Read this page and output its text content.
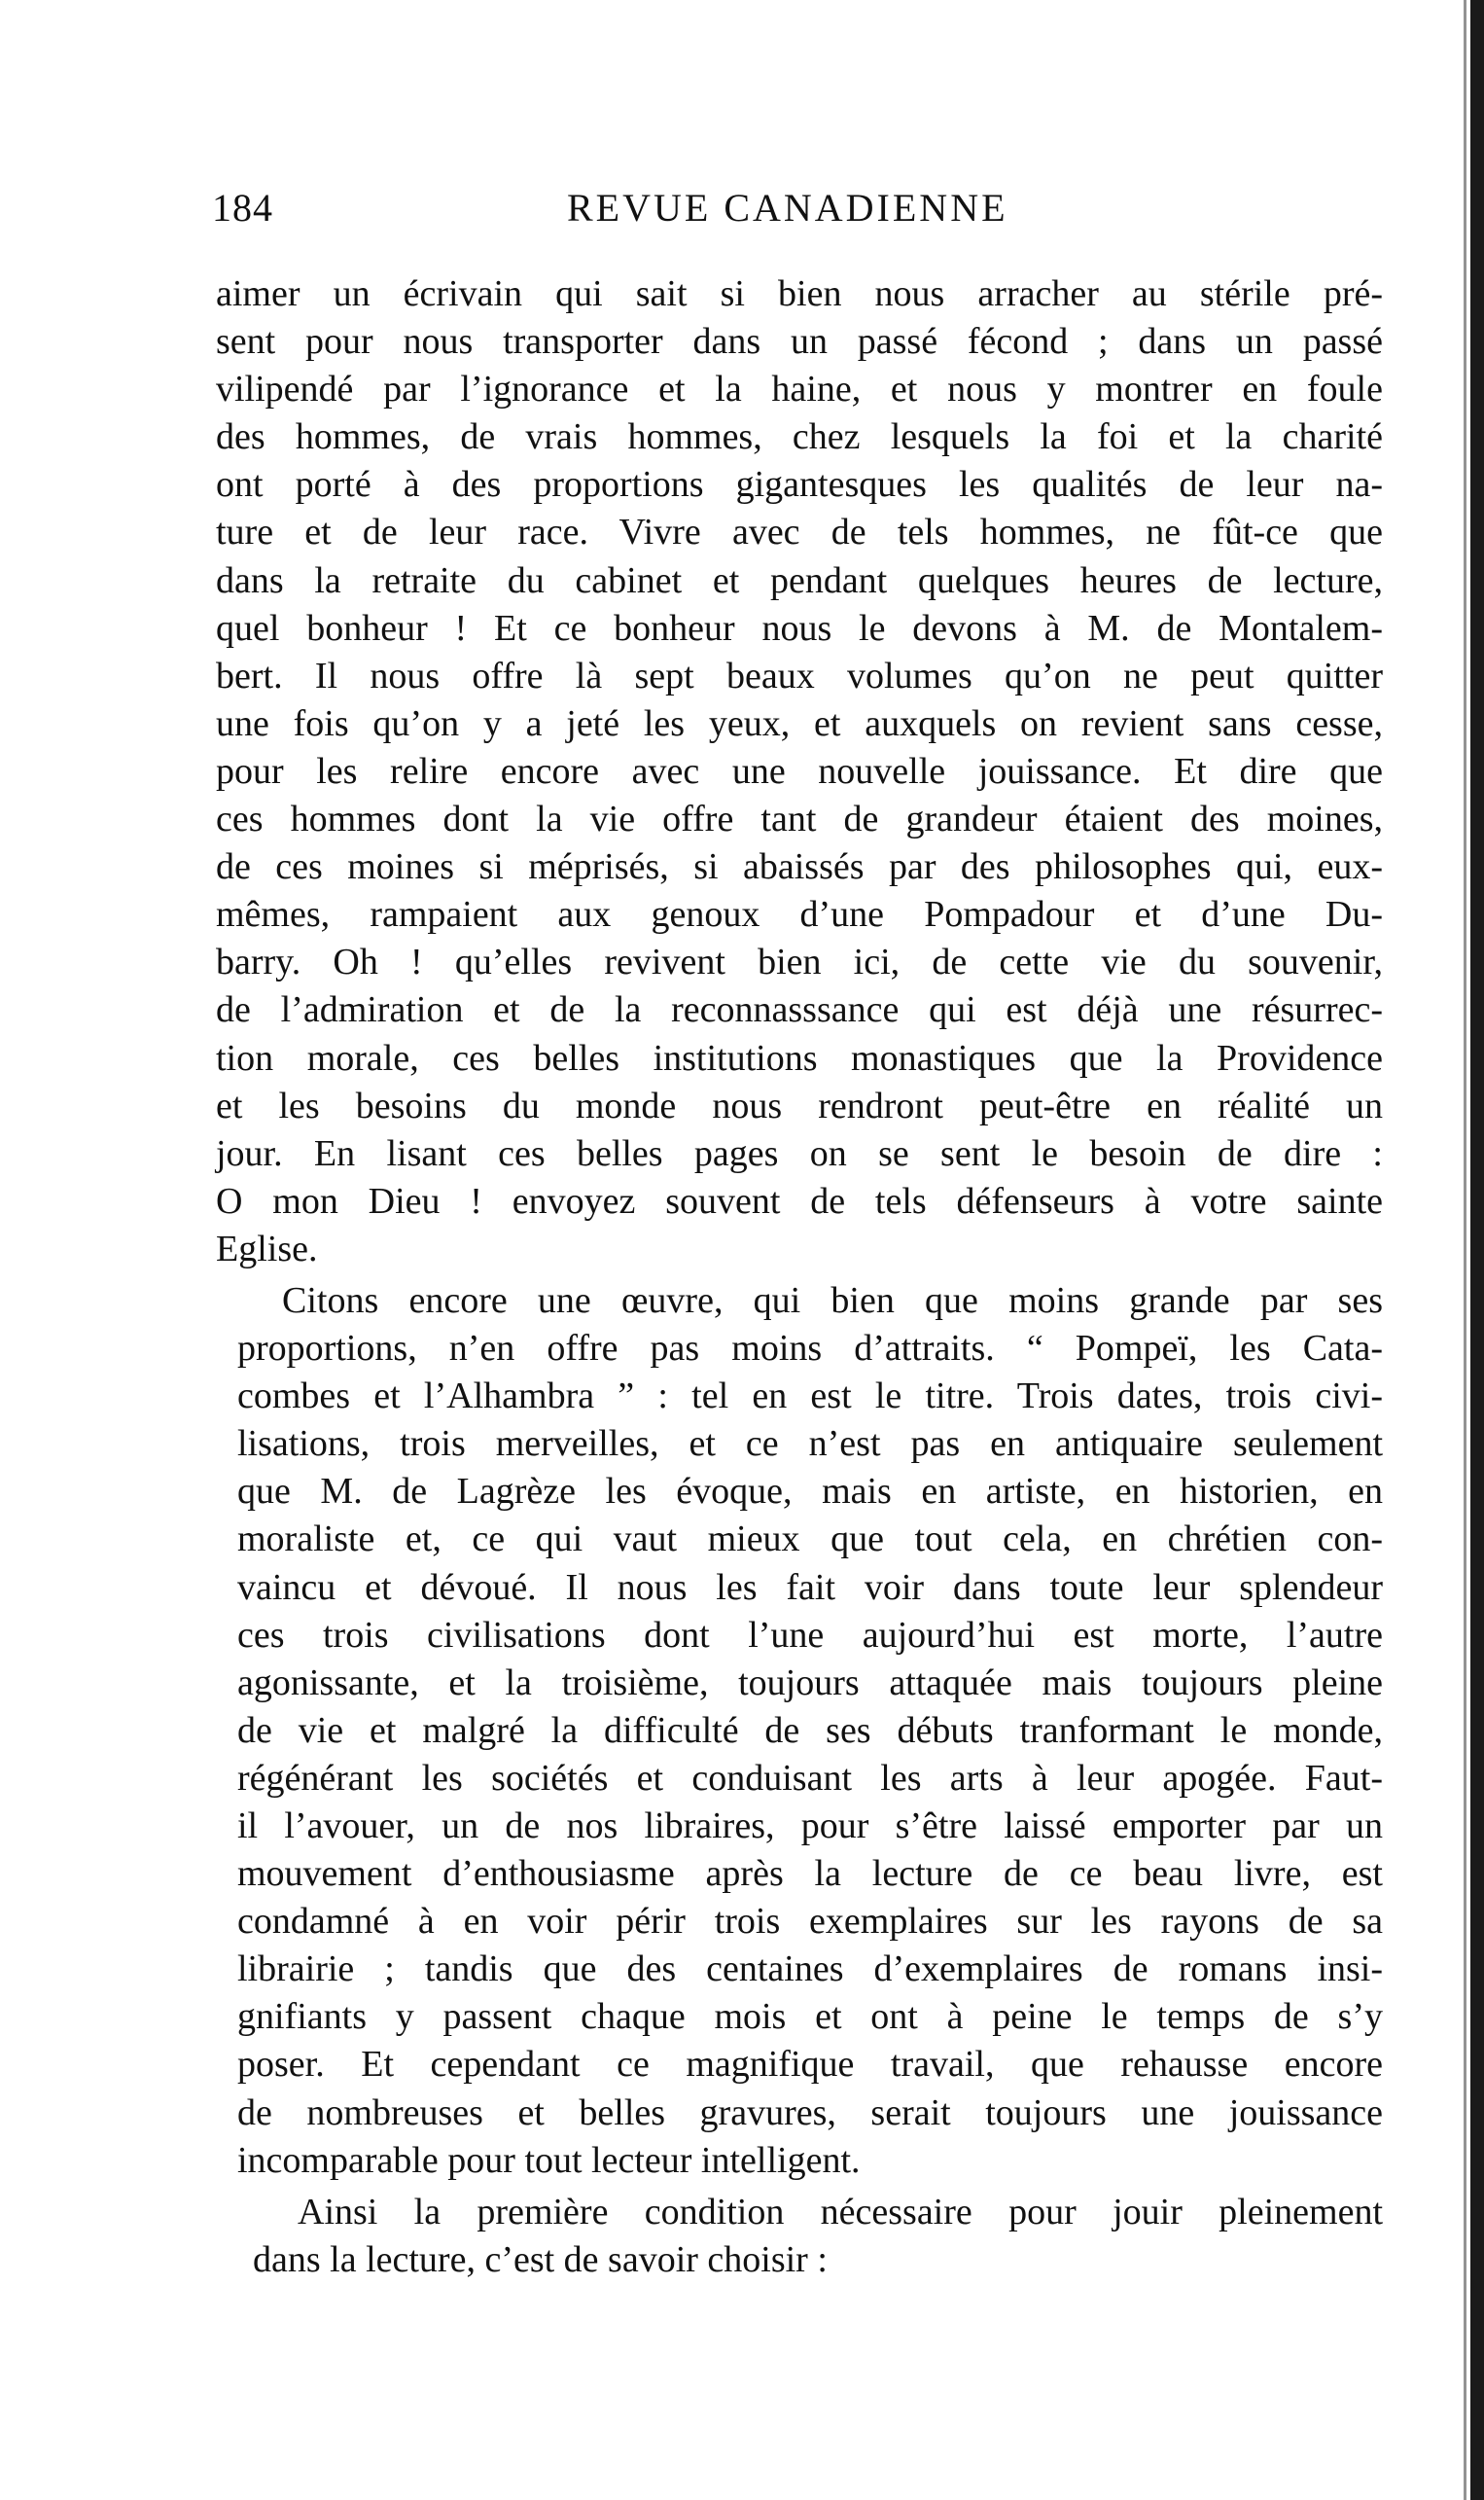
184	REVUE CANADIENNE
aimer un écrivain qui sait si bien nous arracher au stérile pré-
sent pour nous transporter dans un passé fécond ; dans un passé
vilipendé par l’ignorance et la haine, et nous y montrer en foule
des hommes, de vrais hommes, chez lesquels la foi et la charité
ont porté à des proportions gigantesques les qualités de leur na-
ture et de leur race. Vivre avec de tels hommes, ne fût-ce que
dans la retraite du cabinet et pendant quelques heures de lecture,
quel bonheur ! Et ce bonheur nous le devons à M. de Montalem-
bert. Il nous offre là sept beaux volumes qu’on ne peut quitter
une fois qu’on y a jeté les yeux, et auxquels on revient sans cesse,
pour les relire encore avec une nouvelle jouissance. Et dire que
ces hommes dont la vie offre tant de grandeur étaient des moines,
de ces moines si méprisés, si abaissés par des philosophes qui, eux-
mêmes, rampaient aux genoux d’une Pompadour et d’une Du-
barry. Oh ! qu’elles revivent bien ici, de cette vie du souvenir,
de l’admiration et de la reconnasssance qui est déjà une résurrec-
tion morale, ces belles institutions monastiques que la Providence
et les besoins du monde nous rendront peut-être en réalité un
jour. En lisant ces belles pages on se sent le besoin de dire :
O mon Dieu ! envoyez souvent de tels défenseurs à votre sainte
Eglise.
Citons encore une œuvre, qui bien que moins grande par ses
proportions, n’en offre pas moins d’attraits. “ Pompeï, les Cata-
combes et l’Alhambra ” : tel en est le titre. Trois dates, trois civi-
lisations, trois merveilles, et ce n’est pas en antiquaire seulement
que M. de Lagrèze les évoque, mais en artiste, en historien, en
moraliste et, ce qui vaut mieux que tout cela, en chrétien con-
vaincu et dévoué. Il nous les fait voir dans toute leur splendeur
ces trois civilisations dont l’une aujourd’hui est morte, l’autre
agonissante, et la troisième, toujours attaquée mais toujours pleine
de vie et malgré la difficulté de ses débuts tranformant le monde,
régénérant les sociétés et conduisant les arts à leur apogée. Faut-
il l’avouer, un de nos libraires, pour s’être laissé emporter par un
mouvement d’enthousiasme après la lecture de ce beau livre, est
condamné à en voir périr trois exemplaires sur les rayons de sa
librairie ; tandis que des centaines d’exemplaires de romans insi-
gnifiants y passent chaque mois et ont à peine le temps de s’y
poser. Et cependant ce magnifique travail, que rehausse encore
de nombreuses et belles gravures, serait toujours une jouissance
incomparable pour tout lecteur intelligent.
Ainsi la première condition nécessaire pour jouir pleinement
dans la lecture, c’est de savoir choisir :
